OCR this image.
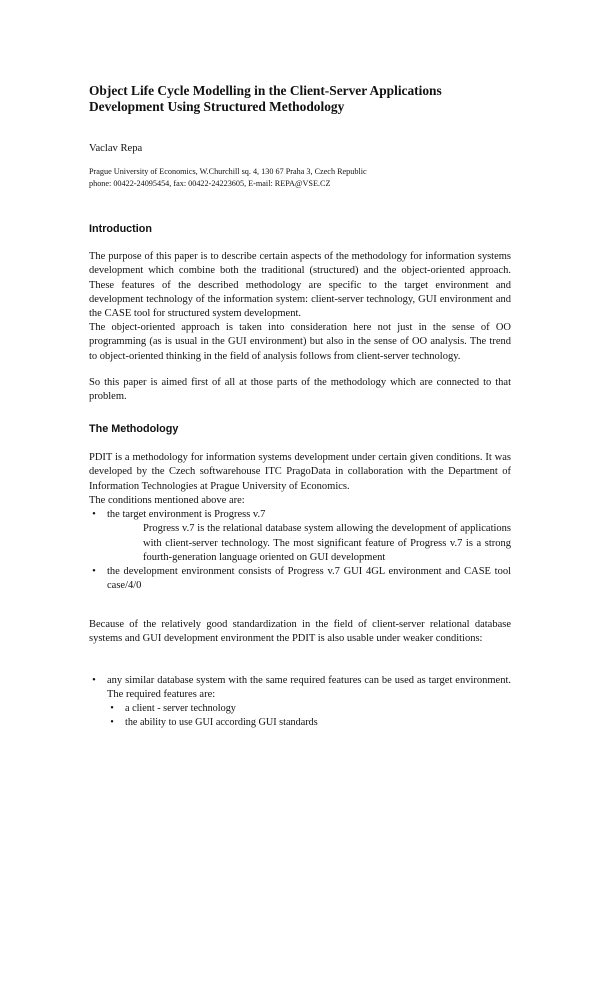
Object Life Cycle Modelling in the Client-Server Applications Development Using Structured Methodology

Vaclav Repa

Prague University of Economics, W.Churchill sq. 4, 130 67 Praha 3, Czech Republic
phone: 00422-24095454, fax: 00422-24223605, E-mail: REPA@VSE.CZ
Introduction

The purpose of this paper is to describe certain aspects of the methodology for information systems development which combine both the traditional (structured) and the object-oriented approach. These features of the described methodology are specific to the target environment and development technology of the information system: client-server technology, GUI environment and the CASE tool for structured system development.

The object-oriented approach is taken into consideration here not just in the sense of OO programming (as is usual in the GUI environment) but also in the sense of OO analysis. The trend to object-oriented thinking in the field of analysis follows from client-server technology.

So this paper is aimed first of all at those parts of the methodology which are connected to that problem.

The Methodology
PDIT is a methodology for information systems development under certain given conditions. It was developed by the Czech softwarehouse ITC PragoData in collaboration with the Department of Information Technologies at Prague University of Economics.
The conditions mentioned above are:
•	the target environment is Progress v.7

Progress v.7 is the relational database system allowing the development of applications with client-server technology. The most significant feature of Progress v.7 is a strong fourth-generation language oriented on GUI development

•	the development environment consists of Progress v.7 GUI 4GL environment and CASE tool case/4/0

Because of the relatively good standardization in the field of client-server relational database systems and GUI development environment the PDIT is also usable under weaker conditions:

•	any similar database system with the same required features can be used as target environment. The required features are:
•	a client - server technology
•	the ability to use GUI according GUI standards
